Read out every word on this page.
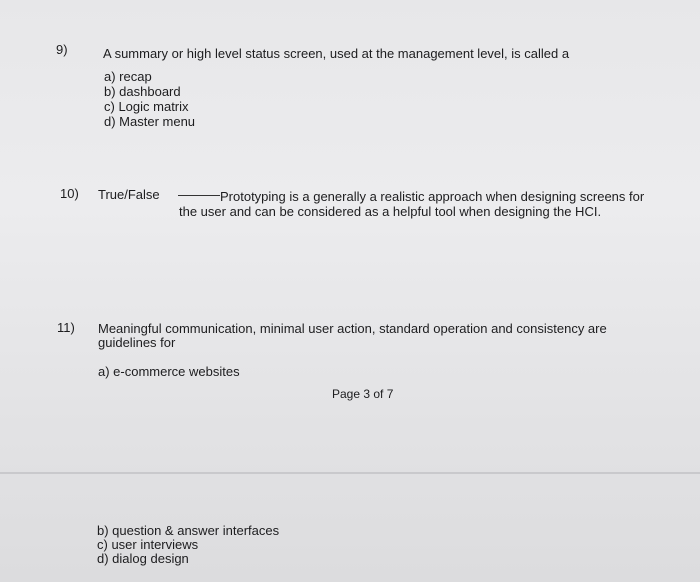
9)	A summary or high level status screen, used at the management level, is called a
a) recap
b) dashboard
c) Logic matrix
d) Master menu
10) True/False	Prototyping is a generally a realistic approach when designing screens for
the user and can be considered as a helpful tool when designing the HCI.
11) Meaningful communication, minimal user action, standard operation and consistency are
guidelines for
a) e-commerce websites
Page 3 of 7
b) question & answer interfaces
c) user interviews
d) dialog design
